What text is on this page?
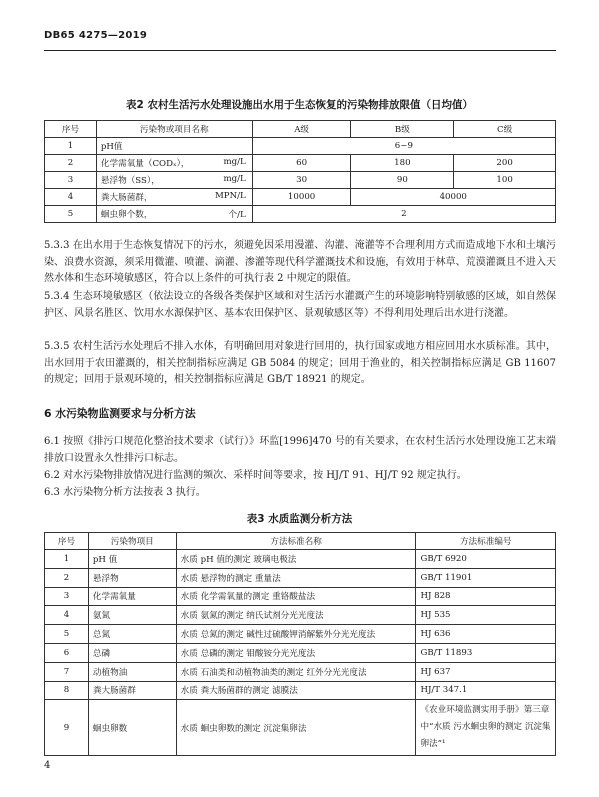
DB65 4275—2019
表2 农村生活污水处理设施出水用于生态恢复的污染物排放限值（日均值）
序号	污染物或项目名称	A级	B级	C级
1	pH值	6~9		
2	化学需氧量（CODₓ）， mg/L	60	180	200
3	悬浮物（SS）， mg/L	30	90	100
4	粪大肠菌群， MPN/L	10000	40000	
5	蛔虫卵个数， 个/L	2		

5.3.3 在出水用于生态恢复情况下的污水，须避免因采用漫灌、沟灌、淹灌等不合理利用方式而造成地下水和土壤污染、浪费水资源，须采用微灌、喷灌、滴灌、渗灌等现代科学灌溉技术和设施，有效用于林草、荒漠灌溉且不进入天然水体和生态环境敏感区，符合以上条件的可执行表 2 中规定的限值。

5.3.4 生态环境敏感区（依法设立的各级各类保护区域和对生活污水灌溉产生的环境影响特别敏感的区域，如自然保护区、风景名胜区、饮用水水源保护区、基本农田保护区、景观敏感区等）不得利用处理后出水进行浇灌。

5.3.5 农村生活污水处理后不排入水体，有明确回用对象进行回用的，执行国家或地方相应回用水水质标准。其中，出水回用于农田灌溉的，相关控制指标应满足 GB 5084 的规定；回用于渔业的，相关控制指标应满足 GB 11607 的规定；回用于景观环境的，相关控制指标应满足 GB/T 18921 的规定。

6 水污染物监测要求与分析方法

6.1 按照《排污口规范化整治技术要求（试行）》环监[1996]470 号的有关要求，在农村生活污水处理设施工艺末端排放口设置永久性排污口标志。

6.2 对水污染物排放情况进行监测的频次、采样时间等要求，按 HJ/T 91、HJ/T 92 规定执行。

6.3 水污染物分析方法按表 3 执行。

表3 水质监测分析方法
序号	污染物项目	方法标准名称	方法标准编号
1	pH 值	水质 pH 值的测定 玻璃电极法	GB/T 6920
2	悬浮物	水质 悬浮物的测定 重量法	GB/T 11901
3	化学需氧量	水质 化学需氧量的测定 重铬酸盐法	HJ 828
4	氨氮	水质 氨氮的测定 纳氏试剂分光光度法	HJ 535
5	总氮	水质 总氮的测定 碱性过硫酸钾消解紫外分光光度法	HJ 636
6	总磷	水质 总磷的测定 钼酸铵分光光度法	GB/T 11893
7	动植物油	水质 石油类和动植物油类的测定 红外分光光度法	HJ 637
8	粪大肠菌群	水质 粪大肠菌群的测定 滤膜法	HJ/T 347.1
9	蛔虫卵数	水质 蛔虫卵数的测定 沉淀集卵法	《农业环境监测实用手册》第三章中“水质 污水蛔虫卵的测定 沉淀集卵法”¹
4
